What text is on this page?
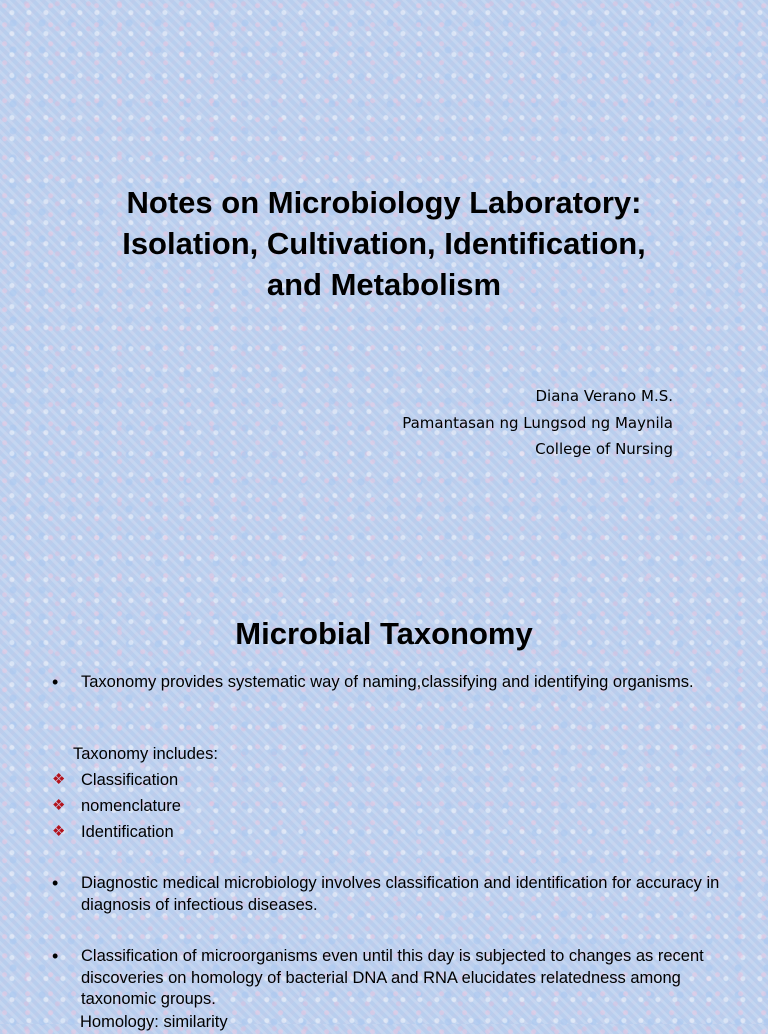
Notes on Microbiology Laboratory:
Isolation, Cultivation, Identification,
and Metabolism
Diana Verano M.S.
Pamantasan ng Lungsod ng Maynila
College of Nursing
Microbial Taxonomy
• Taxonomy provides systematic way of naming,classifying and identifying organisms.
Taxonomy includes:
❖ Classification
❖ nomenclature
❖ Identification
• Diagnostic medical microbiology involves classification and identification for accuracy in diagnosis of infectious diseases.
• Classification of microorganisms even until this day is subjected to changes as recent discoveries on homology of bacterial DNA and RNA elucidates relatedness among taxonomic groups.
Homology: similarity
